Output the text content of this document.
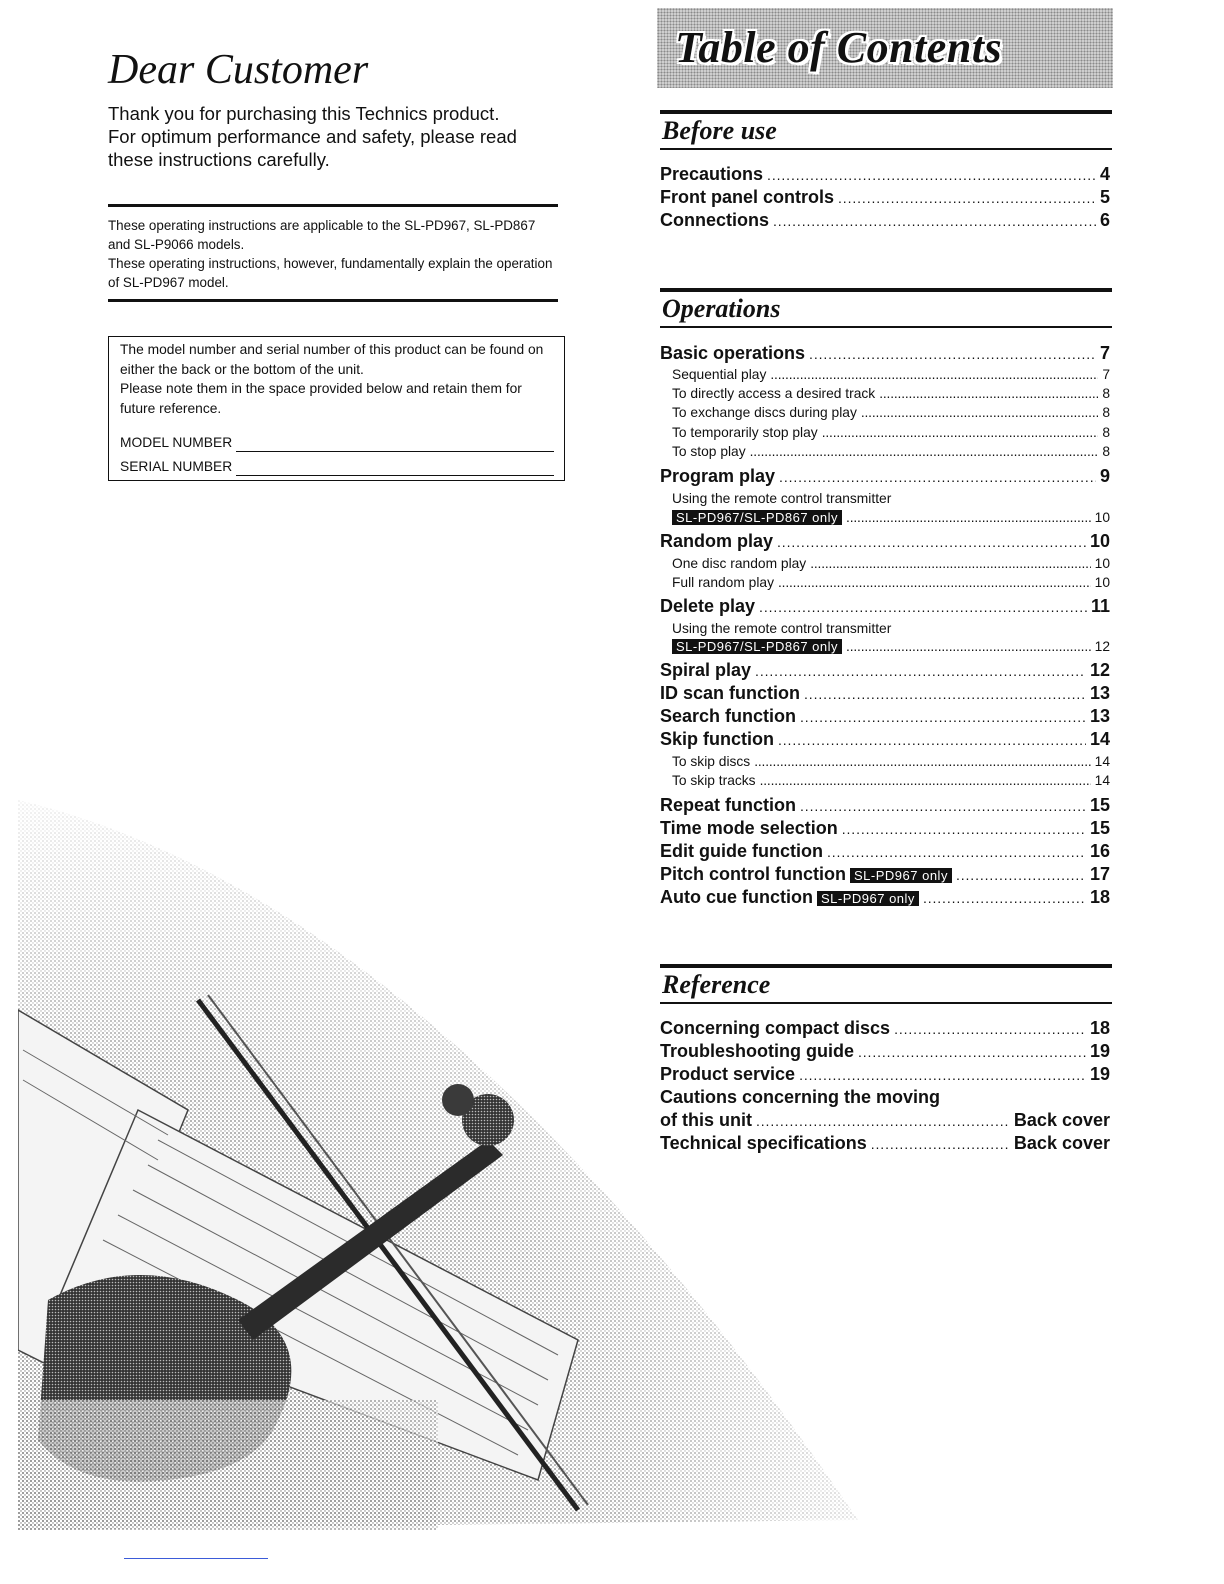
Dear Customer

Thank you for purchasing this Technics product.
For optimum performance and safety, please read
these instructions carefully.

These operating instructions are applicable to the SL-PD967, SL-PD867 and SL-P9066 models.
These operating instructions, however, fundamentally explain the operation of SL-PD967 model.

The model number and serial number of this product can be found on either the back or the bottom of the unit.
Please note them in the space provided below and retain them for future reference.
MODEL NUMBER
SERIAL NUMBER
Table of Contents
Before use
Precautions . . .	4
Front panel controls . . .	5
Connections . . .	6
Operations
Basic operations . . .	7
Sequential play . . .	7
To directly access a desired track . . .	8
To exchange discs during play . . .	8
To temporarily stop play . . .	8
To stop play . . .	8
Program play . . .	9
Using the remote control transmitter
SL-PD967/SL-PD867 only . . .	10
Random play . . .	10
One disc random play . . .	10
Full random play . . .	10
Delete play . . .	11
Using the remote control transmitter
SL-PD967/SL-PD867 only . . .	12
Spiral play . . .	12
ID scan function . . .	13
Search function . . .	13
Skip function . . .	14
To skip discs . . .	14
To skip tracks . . .	14
Repeat function . . .	15
Time mode selection . . .	15
Edit guide function . . .	16
Pitch control function SL-PD967 only . . .	17
Auto cue function SL-PD967 only . . .	18
Reference
Concerning compact discs . . .	18
Troubleshooting guide . . .	19
Product service . . .	19
Cautions concerning the moving
of this unit . . .	Back cover
Technical specifications . . .	Back cover
